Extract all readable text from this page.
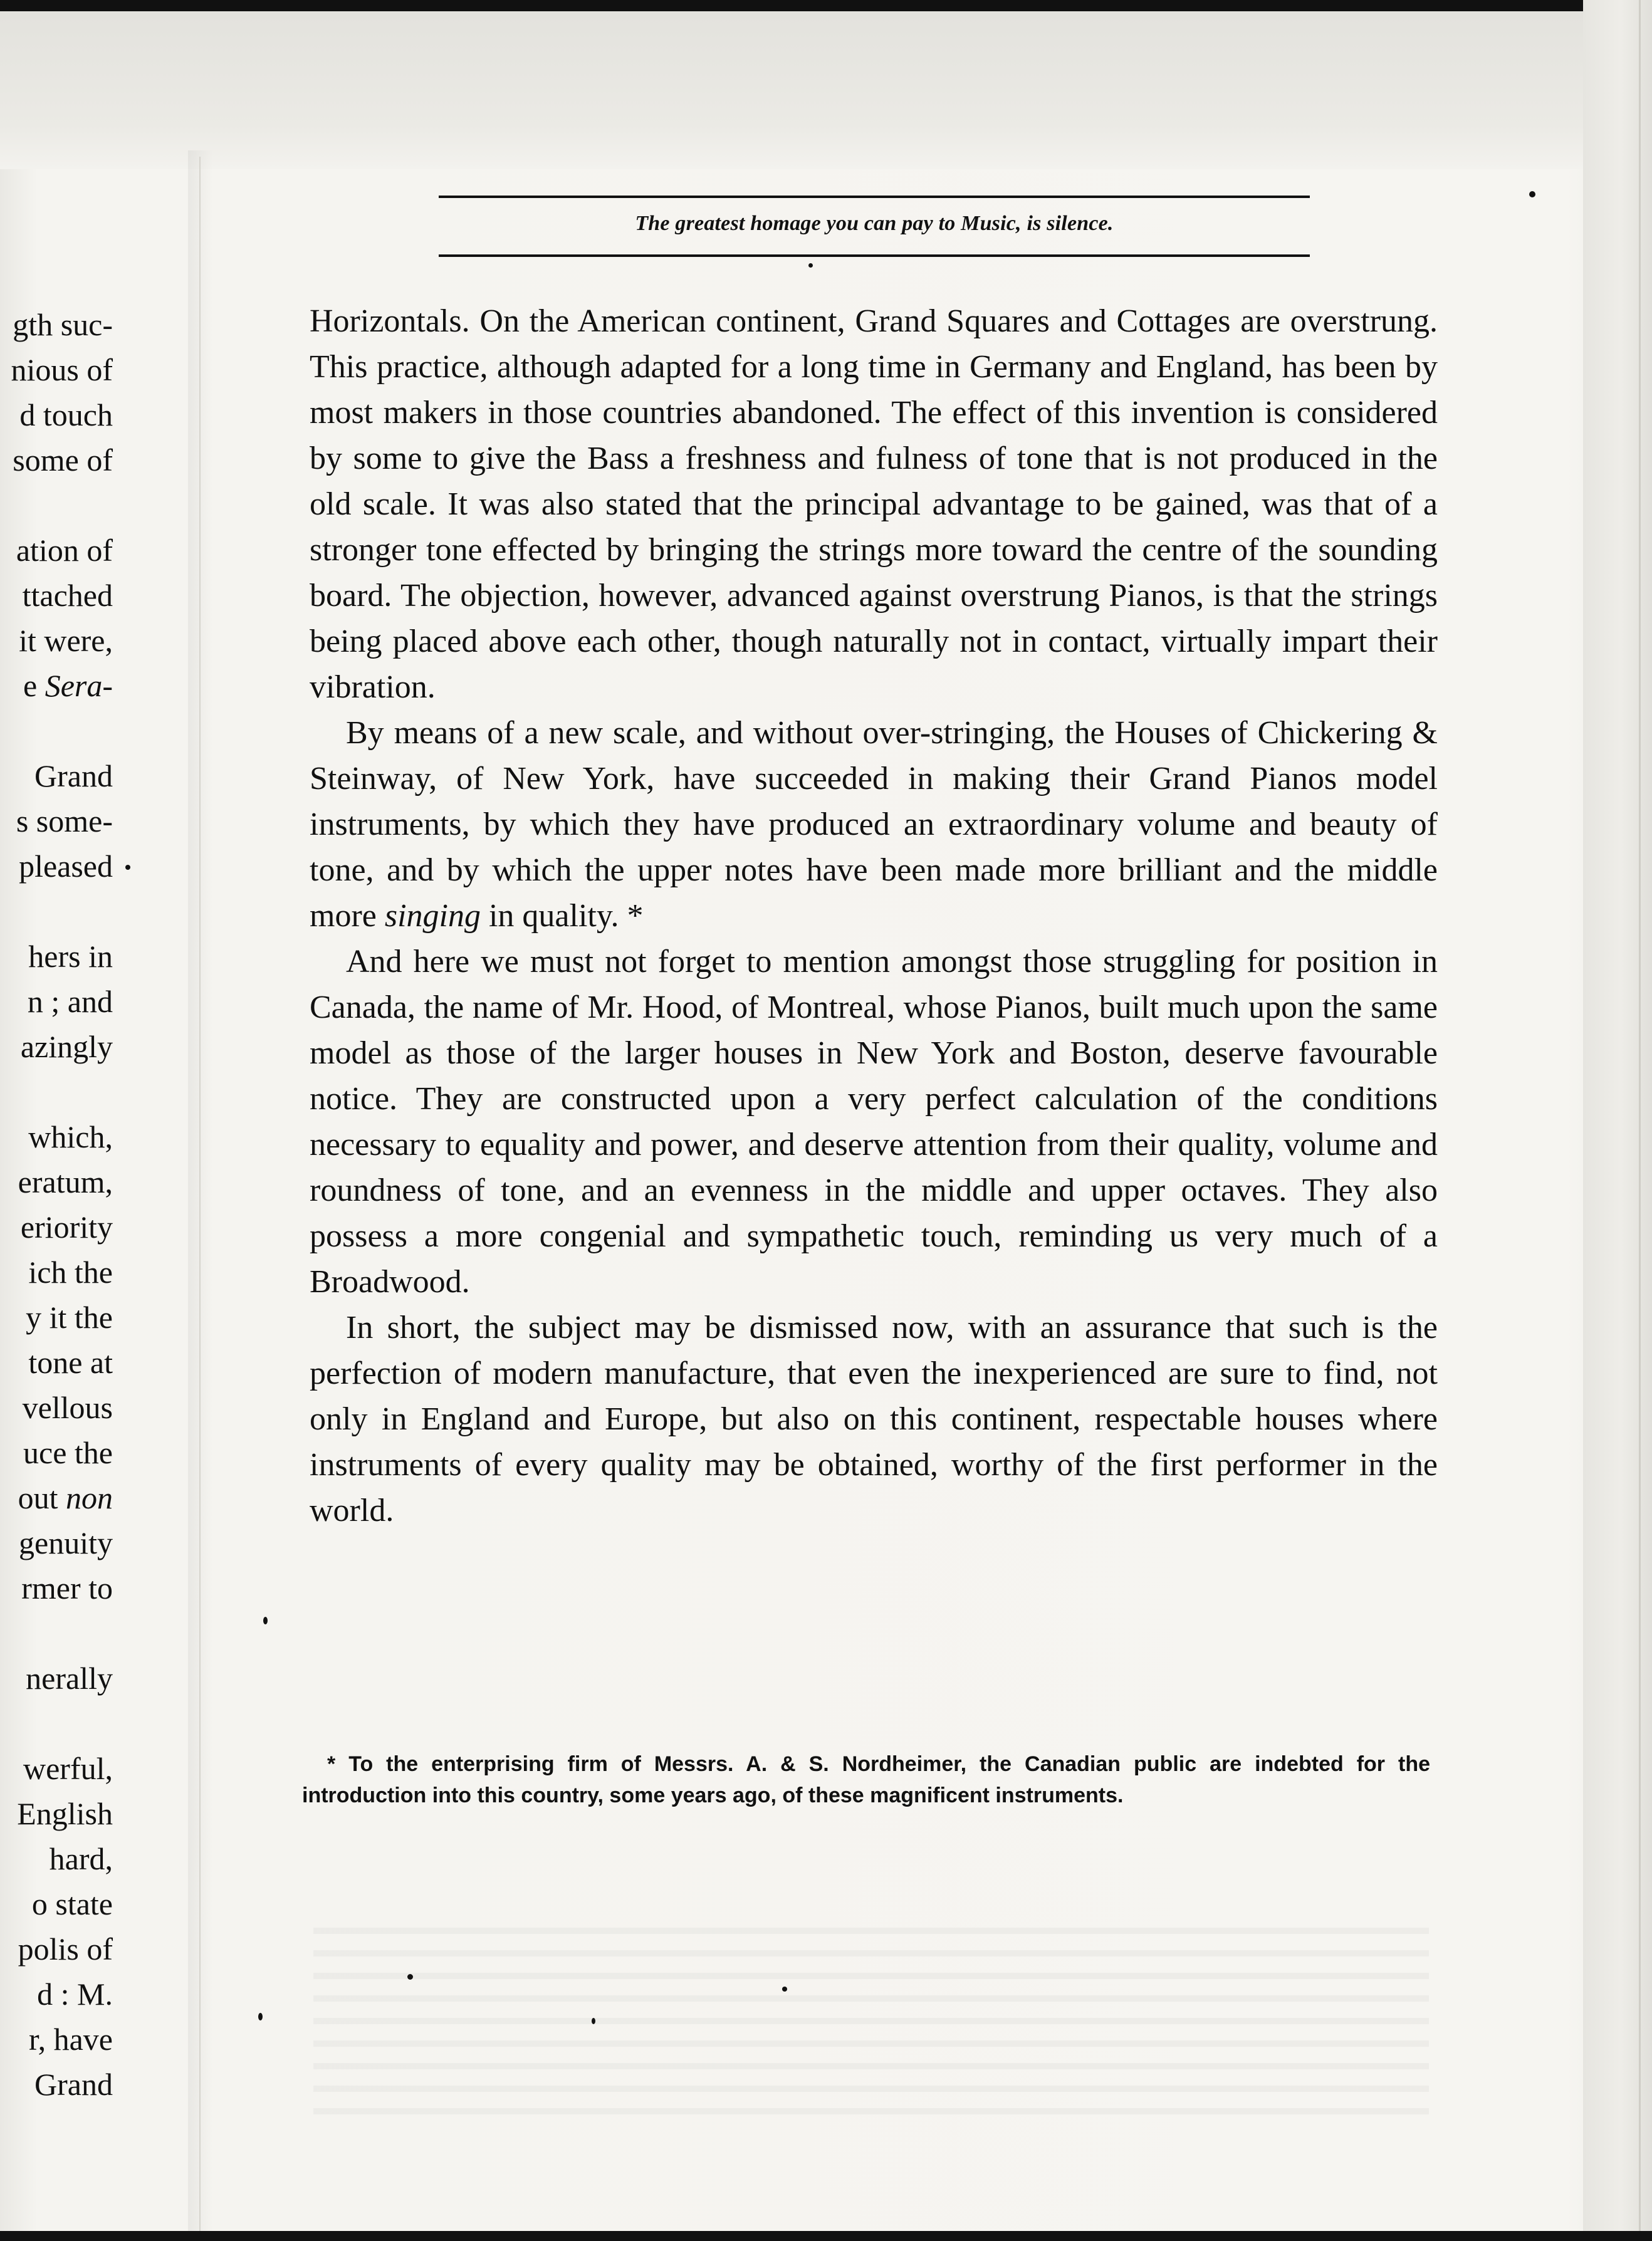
gth suc-
nious of
d touch
some of
ation of
ttached
it were,
e Sera-
Grand
s some-
pleased
hers in
n ; and
azingly
which,
eratum,
eriority
ich the
y it the
tone at
vellous
uce the
out non
genuity
rmer to
nerally
werful,
English
hard,
o state
polis of
d : M.
r, have
Grand
The greatest homage you can pay to Music, is silence.

Horizontals. On the American continent, Grand Squares and Cottages are overstrung. This practice, although adapted for a long time in Germany and England, has been by most makers in those countries abandoned. The effect of this invention is considered by some to give the Bass a freshness and fulness of tone that is not produced in the old scale. It was also stated that the principal advantage to be gained, was that of a stronger tone effected by bringing the strings more toward the centre of the sounding board. The objection, however, advanced against overstrung Pianos, is that the strings being placed above each other, though naturally not in contact, virtually impart their vibration.

By means of a new scale, and without over-stringing, the Houses of Chickering & Steinway, of New York, have succeeded in making their Grand Pianos model instruments, by which they have produced an extraordinary volume and beauty of tone, and by which the upper notes have been made more brilliant and the middle more singing in quality. *

And here we must not forget to mention amongst those struggling for position in Canada, the name of Mr. Hood, of Montreal, whose Pianos, built much upon the same model as those of the larger houses in New York and Boston, deserve favourable notice. They are constructed upon a very perfect calculation of the conditions necessary to equality and power, and deserve attention from their quality, volume and roundness of tone, and an evenness in the middle and upper octaves. They also possess a more congenial and sympathetic touch, reminding us very much of a Broadwood.

In short, the subject may be dismissed now, with an assurance that such is the perfection of modern manufacture, that even the inexperienced are sure to find, not only in England and Europe, but also on this continent, respectable houses where instruments of every quality may be obtained, worthy of the first performer in the world.

* To the enterprising firm of Messrs. A. & S. Nordheimer, the Canadian public are indebted for the introduction into this country, some years ago, of these magnificent instruments.
